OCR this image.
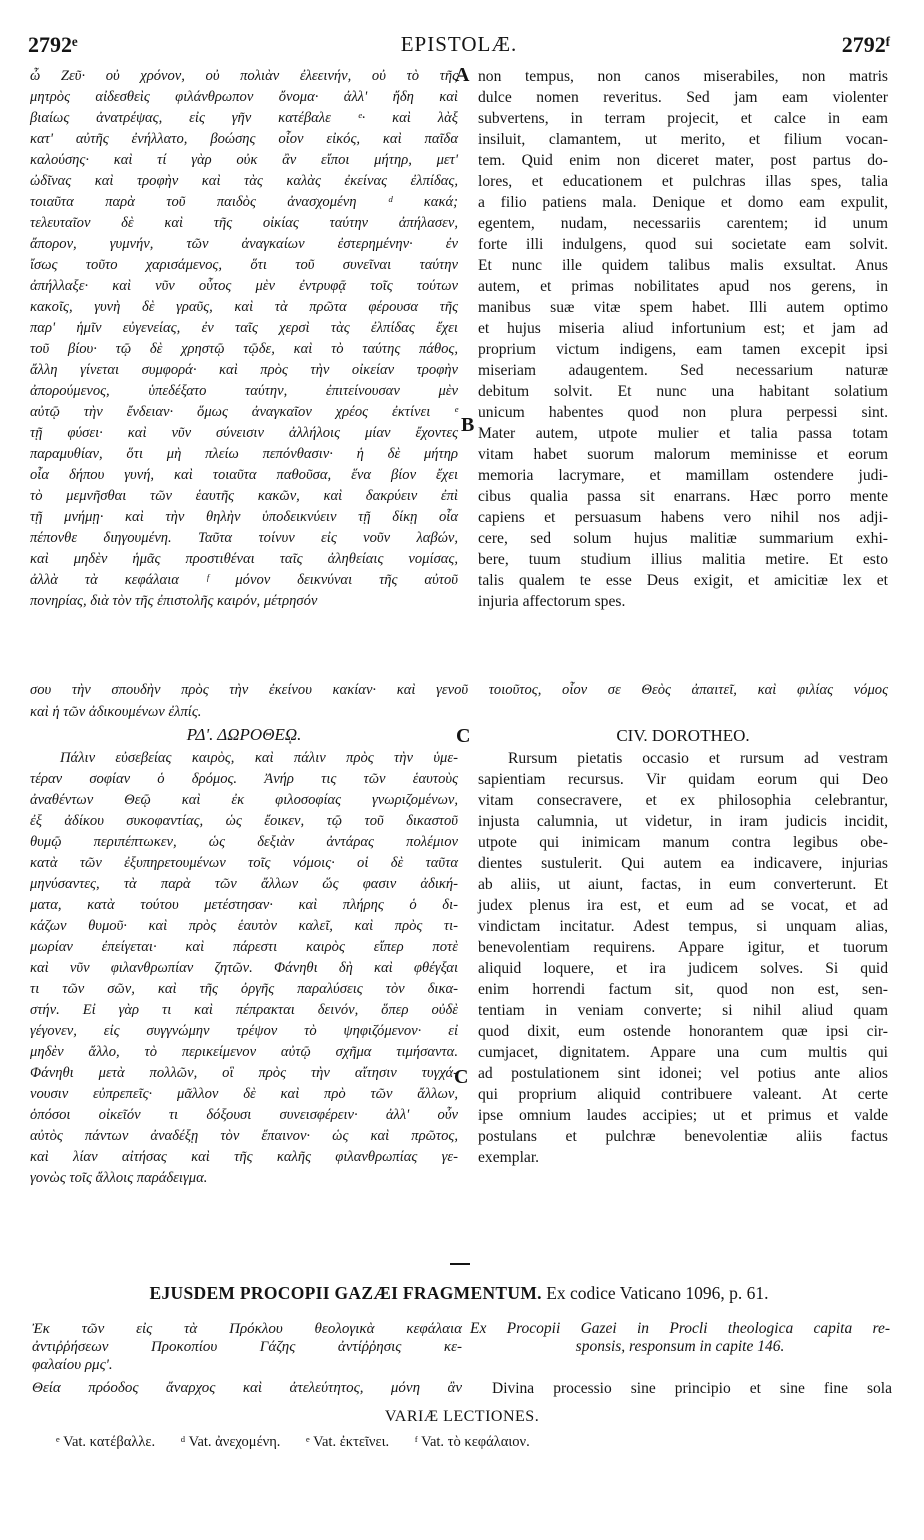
EPISTOLÆ.
2792ᵉ	2792ᶠ
ὦ Ζεῦ· οὐ χρόνον, οὐ πολιὰν ἐλεεινήν, οὐ τὸ τῆς
μητρὸς αἰδεσθεὶς φιλάνθρωπον ὄνομα· ἀλλ' ἤδη καὶ
βιαίως ἀνατρέψας, εἰς γῆν κατέβαλε ᵉ· καὶ λὰξ
κατ' αὐτῆς ἐνήλλατο, βοώσης οἷον εἰκός, καὶ παῖδα
καλούσης· καὶ τί γὰρ οὐκ ἂν εἴποι μήτηρ, μετ'
ὠδῖνας καὶ τροφὴν καὶ τὰς καλὰς ἐκείνας ἐλπίδας,
τοιαῦτα παρὰ τοῦ παιδὸς ἀνασχομένη ᵈ κακά;
τελευταῖον δὲ καὶ τῆς οἰκίας ταύτην ἀπήλασεν,
ἄπορον, γυμνήν, τῶν ἀναγκαίων ἐστερημένην· ἐν
ἴσως τοῦτο χαρισάμενος, ὅτι τοῦ συνεῖναι ταύτην
ἀπήλλαξε· καὶ νῦν οὗτος μὲν ἐντρυφᾷ τοῖς τούτων
κακοῖς, γυνὴ δὲ γραῦς, καὶ τὰ πρῶτα φέρουσα τῆς
παρ' ἡμῖν εὐγενείας, ἐν ταῖς χερσὶ τὰς ἐλπίδας ἔχει
τοῦ βίου· τῷ δὲ χρηστῷ τῷδε, καὶ τὸ ταύτης πάθος,
ἄλλη γίνεται συμφορά· καὶ πρὸς τὴν οἰκείαν τροφὴν
ἀπορούμενος, ὑπεδέξατο ταύτην, ἐπιτείνουσαν μὲν
αὐτῷ τὴν ἔνδειαν· ὅμως ἀναγκαῖον χρέος ἐκτίνει ᵉ
τῇ φύσει· καὶ νῦν σύνεισιν ἀλλήλοις μίαν ἔχοντες
παραμυθίαν, ὅτι μὴ πλείω πεπόνθασιν· ἡ δὲ μήτηρ
οἷα δήπου γυνή, καὶ τοιαῦτα παθοῦσα, ἕνα βίον ἔχει
τὸ μεμνῆσθαι τῶν ἑαυτῆς κακῶν, καὶ δακρύειν ἐπὶ
τῇ μνήμῃ· καὶ τὴν θηλὴν ὑποδεικνύειν τῇ δίκῃ οἷα
πέπονθε διηγουμένη. Ταῦτα τοίνυν εἰς νοῦν λαβών,
καὶ μηδὲν ἡμᾶς προστιθέναι ταῖς ἀληθείαις νομίσας,
ἀλλὰ τὰ κεφάλαια ᶠ μόνον δεικνύναι τῆς αὐτοῦ
πονηρίας, διὰ τὸν τῆς ἐπιστολῆς καιρόν, μέτρησόν
non tempus, non canos miserabiles, non matris
dulce nomen reveritus. Sed jam eam violenter
subvertens, in terram projecit, et calce in eam
insiluit, clamantem, ut merito, et filium vocan-
tem. Quid enim non diceret mater, post partus do-
lores, et educationem et pulchras illas spes, talia
a filio patiens mala. Denique et domo eam expulit,
egentem, nudam, necessariis carentem; id unum
forte illi indulgens, quod sui societate eam solvit.
Et nunc ille quidem talibus malis exsultat. Anus
autem, et primas nobilitates apud nos gerens, in
manibus suæ vitæ spem habet. Illi autem optimo
et hujus miseria aliud infortunium est; et jam ad
proprium victum indigens, eam tamen excepit ipsi
miseriam adaugentem. Sed necessarium naturæ
debitum solvit. Et nunc una habitant solatium
unicum habentes quod non plura perpessi sint.
Mater autem, utpote mulier et talia passa totam
vitam habet suorum malorum meminisse et eorum
memoria lacrymare, et mamillam ostendere judi-
cibus qualia passa sit enarrans. Hæc porro mente
capiens et persuasum habens vero nihil nos adji-
cere, sed solum hujus malitiæ summarium exhi-
bere, tuum studium illius malitia metire. Et esto
talis qualem te esse Deus exigit, et amicitiæ lex et
injuria affectorum spes.
A
B
σου τὴν σπουδὴν πρὸς τὴν ἐκείνου κακίαν· καὶ γενοῦ τοιοῦτος, οἷον σε Θεὸς ἀπαιτεῖ, καὶ φιλίας νόμος
καὶ ἡ τῶν ἀδικουμένων ἐλπίς.
ΡΔ'. ΔΩΡΟΘΕῼ.	C	CIV. DOROTHEO.
Πάλιν εὐσεβείας καιρὸς, καὶ πάλιν πρὸς τὴν ὑμε-
τέραν σοφίαν ὁ δρόμος. Ἀνήρ τις τῶν ἑαυτοὺς
ἀναθέντων Θεῷ καὶ ἐκ φιλοσοφίας γνωριζομένων,
ἐξ ἀδίκου συκοφαντίας, ὡς ἔοικεν, τῷ τοῦ δικαστοῦ
θυμῷ περιπέπτωκεν, ὡς δεξιὰν ἀντάρας πολέμιον
κατὰ τῶν ἐξυπηρετουμένων τοῖς νόμοις· οἱ δὲ ταῦτα
μηνύσαντες, τὰ παρὰ τῶν ἄλλων ὥς φασιν ἀδική-
ματα, κατὰ τούτου μετέστησαν· καὶ πλήρης ὁ δι-
κάζων θυμοῦ· καὶ πρὸς ἑαυτὸν καλεῖ, καὶ πρὸς τι-
μωρίαν ἐπείγεται· καὶ πάρεστι καιρὸς εἴπερ ποτὲ
καὶ νῦν φιλανθρωπίαν ζητῶν. Φάνηθι δὴ καὶ φθέγξαι
τι τῶν σῶν, καὶ τῆς ὀργῆς παραλύσεις τὸν δικα-
στήν. Εἰ γὰρ τι καὶ πέπρακται δεινόν, ὅπερ οὐδὲ
γέγονεν, εἰς συγγνώμην τρέψον τὸ ψηφιζόμενον· εἰ
μηδὲν ἄλλο, τὸ περικείμενον αὐτῷ σχῆμα τιμήσαντα.
Φάνηθι μετὰ πολλῶν, οἳ πρὸς τὴν αἴτησιν τυγχά-
νουσιν εὐπρεπεῖς· μᾶλλον δὲ καὶ πρὸ τῶν ἄλλων,
ὁπόσοι οἰκεῖόν τι δόξουσι συνεισφέρειν· ἀλλ' οὖν
αὐτὸς πάντων ἀναδέξῃ τὸν ἔπαινον· ὡς καὶ πρῶτος,
καὶ λίαν αἰτήσας καὶ τῆς καλῆς φιλανθρωπίας γε-
γονὼς τοῖς ἄλλοις παράδειγμα.
Rursum pietatis occasio et rursum ad vestram
sapientiam recursus. Vir quidam eorum qui Deo
vitam consecravere, et ex philosophia celebrantur,
injusta calumnia, ut videtur, in iram judicis incidit,
utpote qui inimicam manum contra legibus obe-
dientes sustulerit. Qui autem ea indicavere, injurias
ab aliis, ut aiunt, factas, in eum converterunt. Et
judex plenus ira est, et eum ad se vocat, et ad
vindictam incitatur. Adest tempus, si unquam alias,
benevolentiam requirens. Appare igitur, et tuorum
aliquid loquere, et ira judicem solves. Si quid
enim horrendi factum sit, quod non est, sen-
tentiam in veniam converte; si nihil aliud quam
quod dixit, eum ostende honorantem quæ ipsi cir-
cumjacet, dignitatem. Appare una cum multis qui
ad postulationem sint idonei; vel potius ante alios
qui proprium aliquid contribuere valeant. At certe
ipse omnium laudes accipies; ut et primus et valde
postulans et pulchræ benevolentiæ aliis factus
exemplar.
C
EJUSDEM PROCOPII GAZÆI FRAGMENTUM. Ex codice Vaticano 1096, p. 61.
Ἐκ τῶν εἰς τὰ Πρόκλου θεολογικὰ κεφάλαια
ἀντιῤῥήσεων Προκοπίου Γάζης ἀντίῤῥησις κε-
φαλαίου ρμς'.
Ex Procopii Gazei in Procli theologica capita re-
sponsis, responsum in capite 146.
Θεία πρόοδος ἄναρχος καὶ ἀτελεύτητος, μόνη ἂν Divina processio sine principio et sine fine sola
VARIÆ LECTIONES.
ᵉ Vat. κατέβαλλε. ᵈ Vat. ἀνεχομένη. ᵉ Vat. ἐκτεῖνει. ᶠ Vat. τὸ κεφάλαιον.
